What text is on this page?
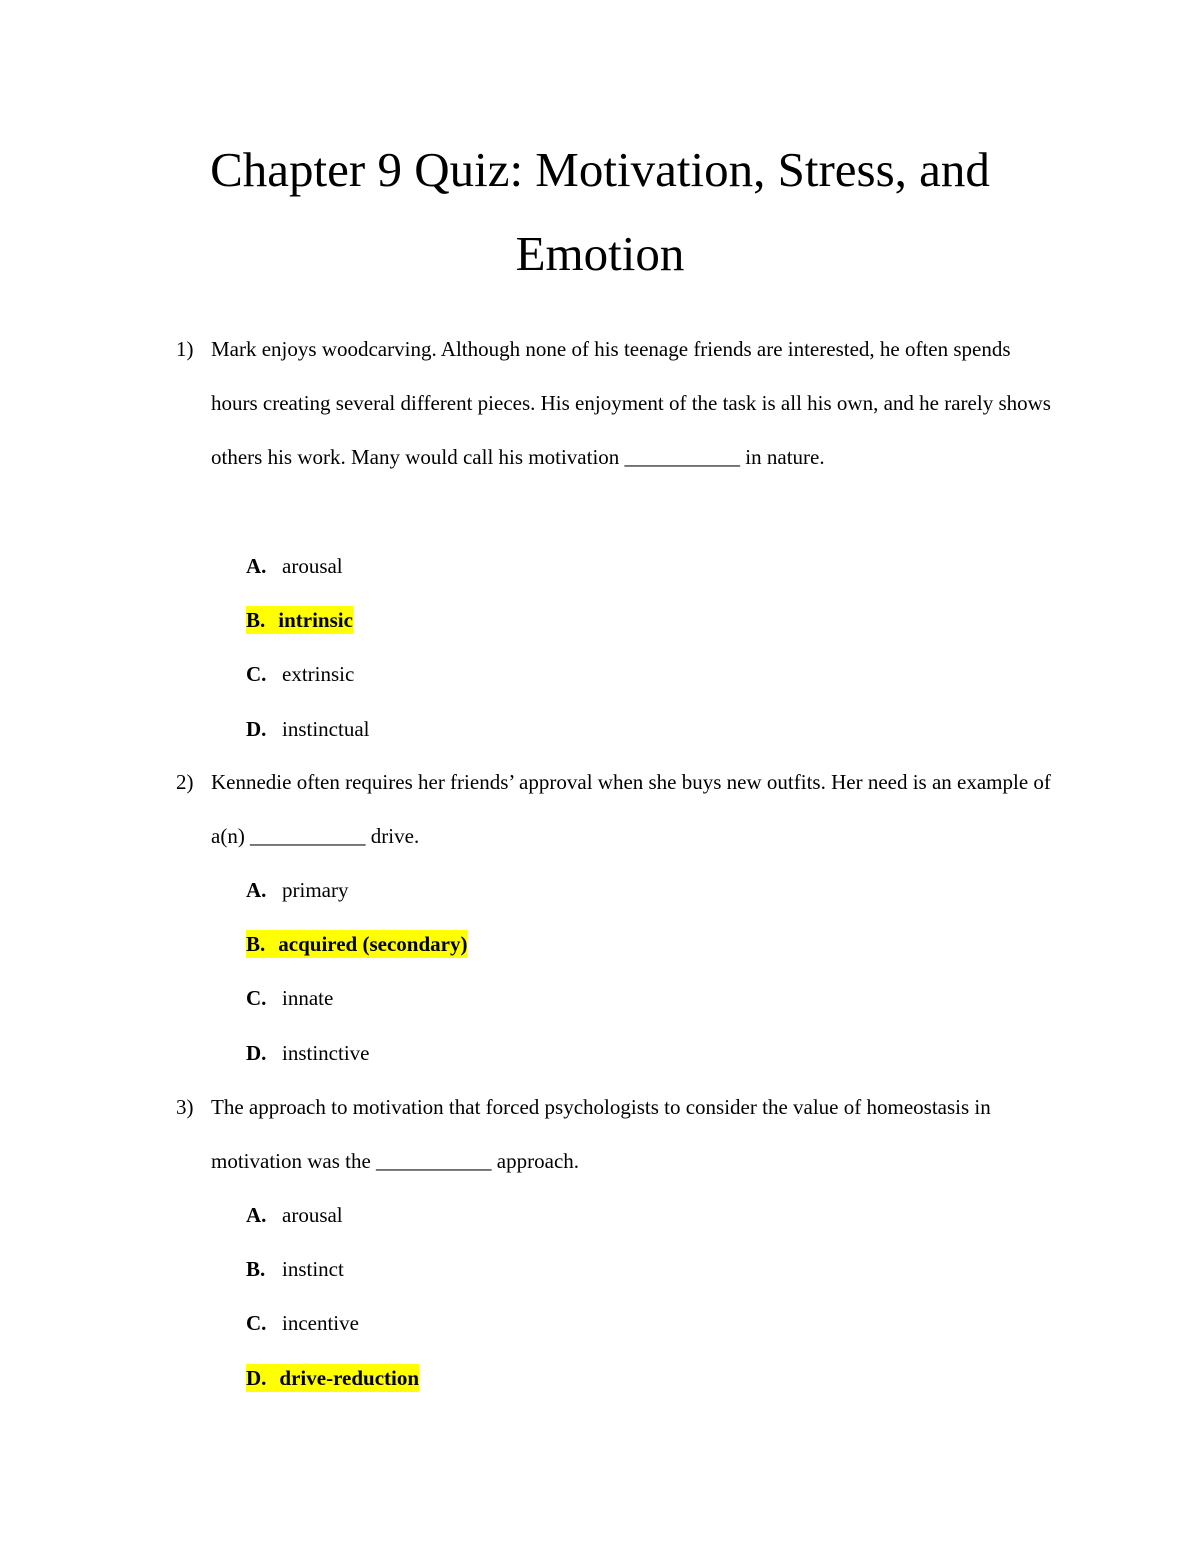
Chapter 9 Quiz: Motivation, Stress, and
Emotion
1) Mark enjoys woodcarving. Although none of his teenage friends are interested, he often spends hours creating several different pieces. His enjoyment of the task is all his own, and he rarely shows others his work. Many would call his motivation ___________ in nature.

A. arousal
B. intrinsic
C. extrinsic
D. instinctual
2) Kennedie often requires her friends’ approval when she buys new outfits. Her need is an example of a(n) ___________ drive.

A. primary
B. acquired (secondary)
C. innate
D. instinctive
3) The approach to motivation that forced psychologists to consider the value of homeostasis in motivation was the ___________ approach.

A. arousal
B. instinct
C. incentive
D. drive-reduction
